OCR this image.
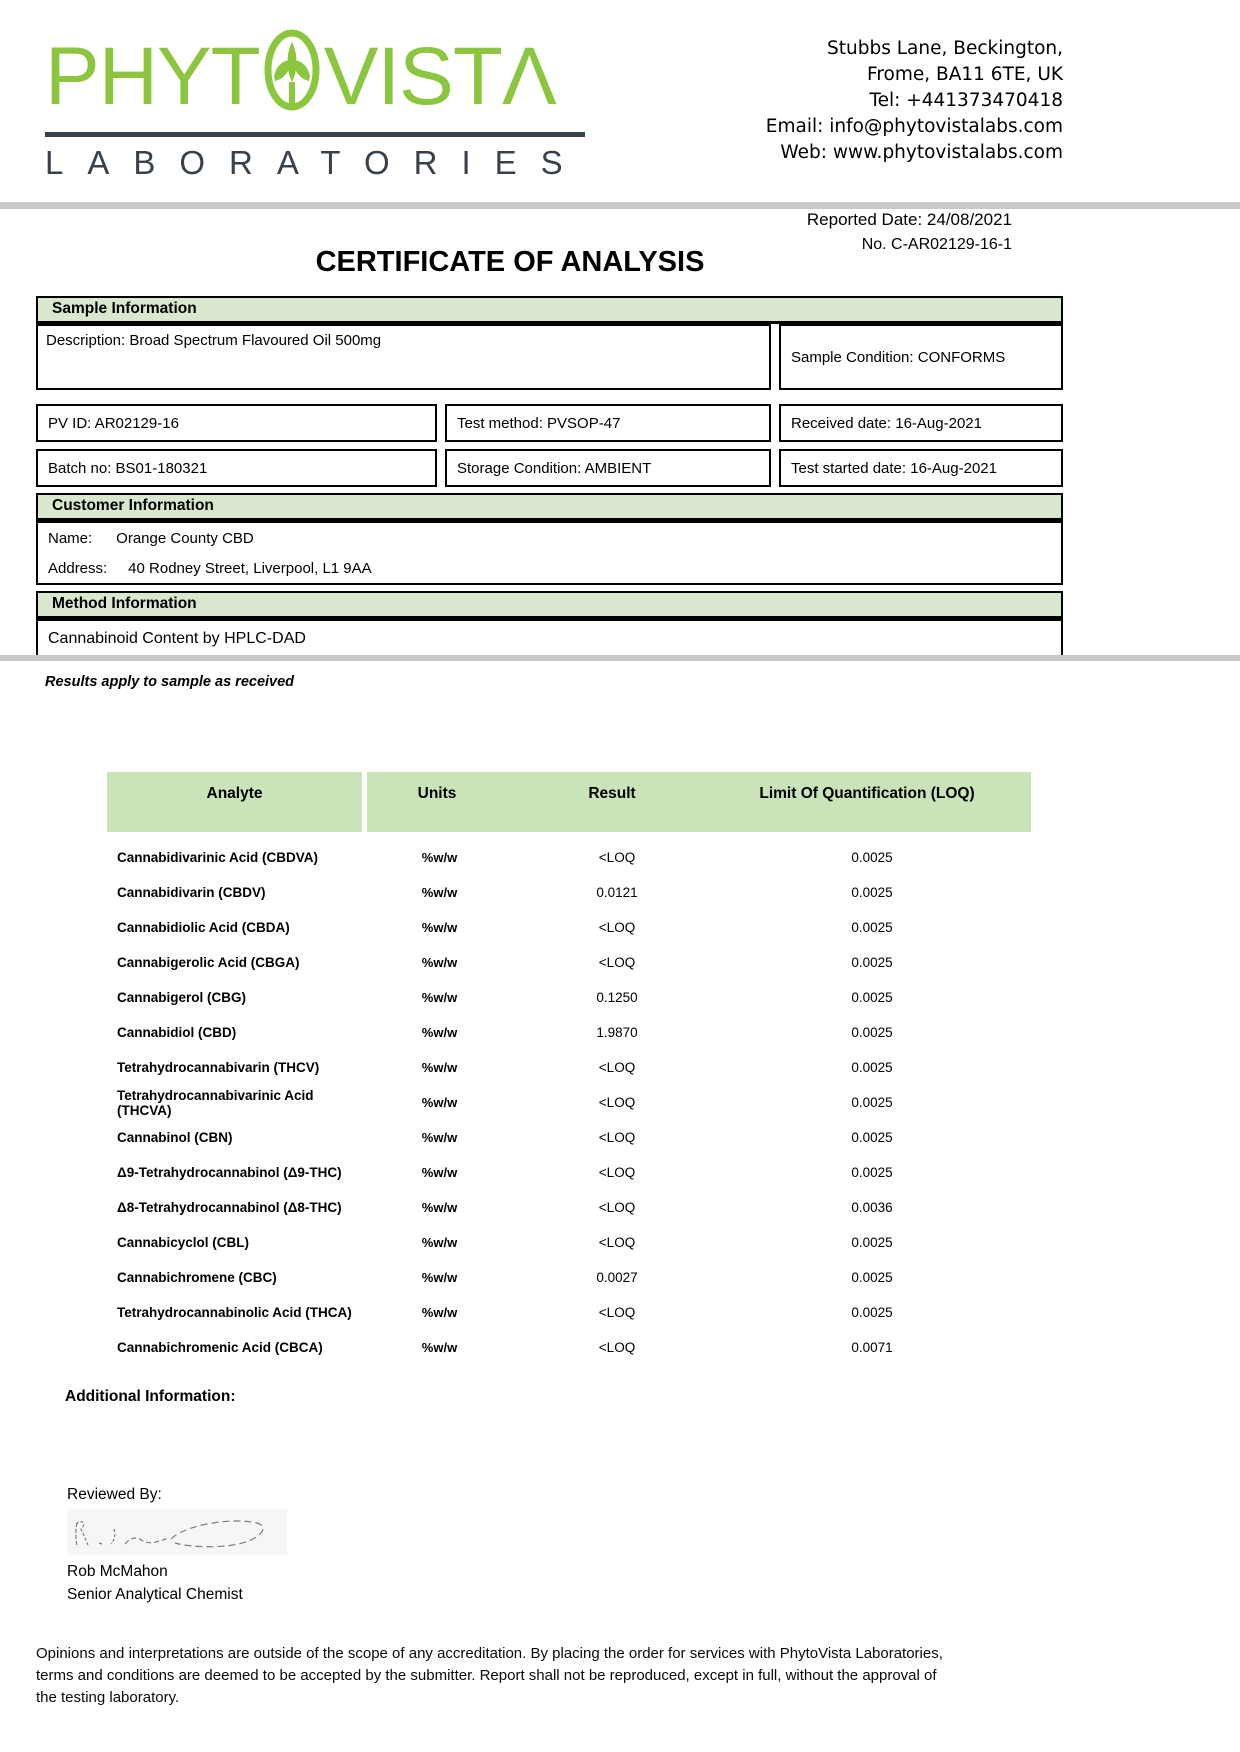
PHYT VISTΛ
LABORATORIES
Stubbs Lane, Beckington,
Frome, BA11 6TE, UK
Tel: +441373470418
Email: info@phytovistalabs.com
Web: www.phytovistalabs.com
Reported Date: 24/08/2021
No. C-AR02129-16-1
CERTIFICATE OF ANALYSIS
Sample Information
Description: Broad Spectrum Flavoured Oil 500mg
Sample Condition: CONFORMS
PV ID: AR02129-16	Test method: PVSOP-47	Received date: 16-Aug-2021
Batch no: BS01-180321	Storage Condition: AMBIENT	Test started date: 16-Aug-2021
Customer Information
Name: Orange County CBD
Address: 40 Rodney Street, Liverpool, L1 9AA
Method Information
Cannabinoid Content by HPLC-DAD
Results apply to sample as received
Analyte	Units	Result	Limit Of Quantification (LOQ)
Cannabidivarinic Acid (CBDVA)	%w/w	<LOQ	0.0025
Cannabidivarin (CBDV)	%w/w	0.0121	0.0025
Cannabidiolic Acid (CBDA)	%w/w	<LOQ	0.0025
Cannabigerolic Acid (CBGA)	%w/w	<LOQ	0.0025
Cannabigerol (CBG)	%w/w	0.1250	0.0025
Cannabidiol (CBD)	%w/w	1.9870	0.0025
Tetrahydrocannabivarin (THCV)	%w/w	<LOQ	0.0025
Tetrahydrocannabivarinic Acid (THCVA)	%w/w	<LOQ	0.0025
Cannabinol (CBN)	%w/w	<LOQ	0.0025
Δ9-Tetrahydrocannabinol (Δ9-THC)	%w/w	<LOQ	0.0025
Δ8-Tetrahydrocannabinol (Δ8-THC)	%w/w	<LOQ	0.0036
Cannabicyclol (CBL)	%w/w	<LOQ	0.0025
Cannabichromene (CBC)	%w/w	0.0027	0.0025
Tetrahydrocannabinolic Acid (THCA)	%w/w	<LOQ	0.0025
Cannabichromenic Acid (CBCA)	%w/w	<LOQ	0.0071
Additional Information:
Reviewed By:
Rob McMahon
Senior Analytical Chemist
Opinions and interpretations are outside of the scope of any accreditation. By placing the order for services with PhytoVista Laboratories,
terms and conditions are deemed to be accepted by the submitter. Report shall not be reproduced, except in full, without the approval of
the testing laboratory.
